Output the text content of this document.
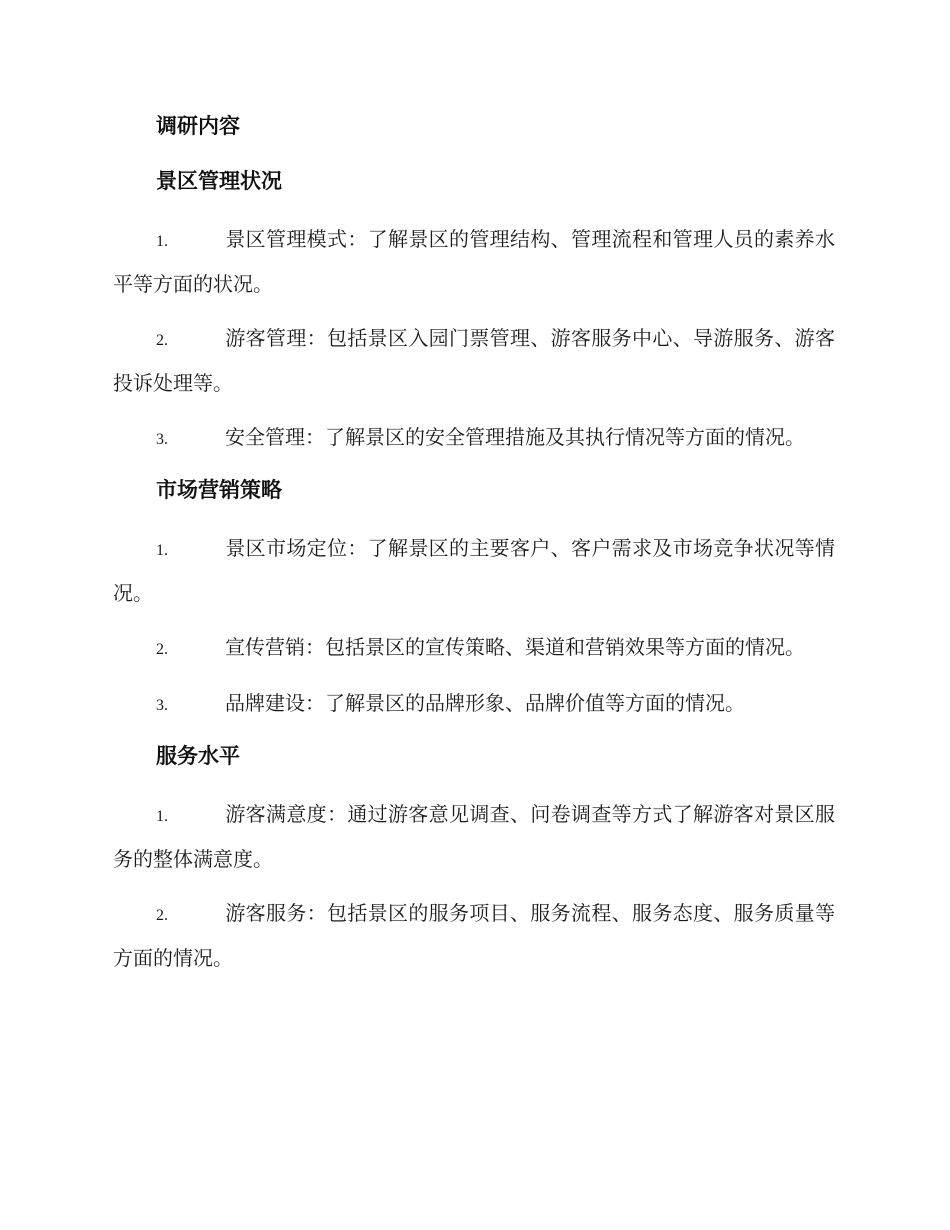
调研内容
景区管理状况
1.	景区管理模式：了解景区的管理结构、管理流程和管理人员的素养水平等方面的状况。
2.	游客管理：包括景区入园门票管理、游客服务中心、导游服务、游客投诉处理等。
3.	安全管理：了解景区的安全管理措施及其执行情况等方面的情况。
市场营销策略
1.	景区市场定位：了解景区的主要客户、客户需求及市场竞争状况等情况。
2.	宣传营销：包括景区的宣传策略、渠道和营销效果等方面的情况。
3.	品牌建设：了解景区的品牌形象、品牌价值等方面的情况。
服务水平
1.	游客满意度：通过游客意见调查、问卷调查等方式了解游客对景区服务的整体满意度。
2.	游客服务：包括景区的服务项目、服务流程、服务态度、服务质量等方面的情况。
